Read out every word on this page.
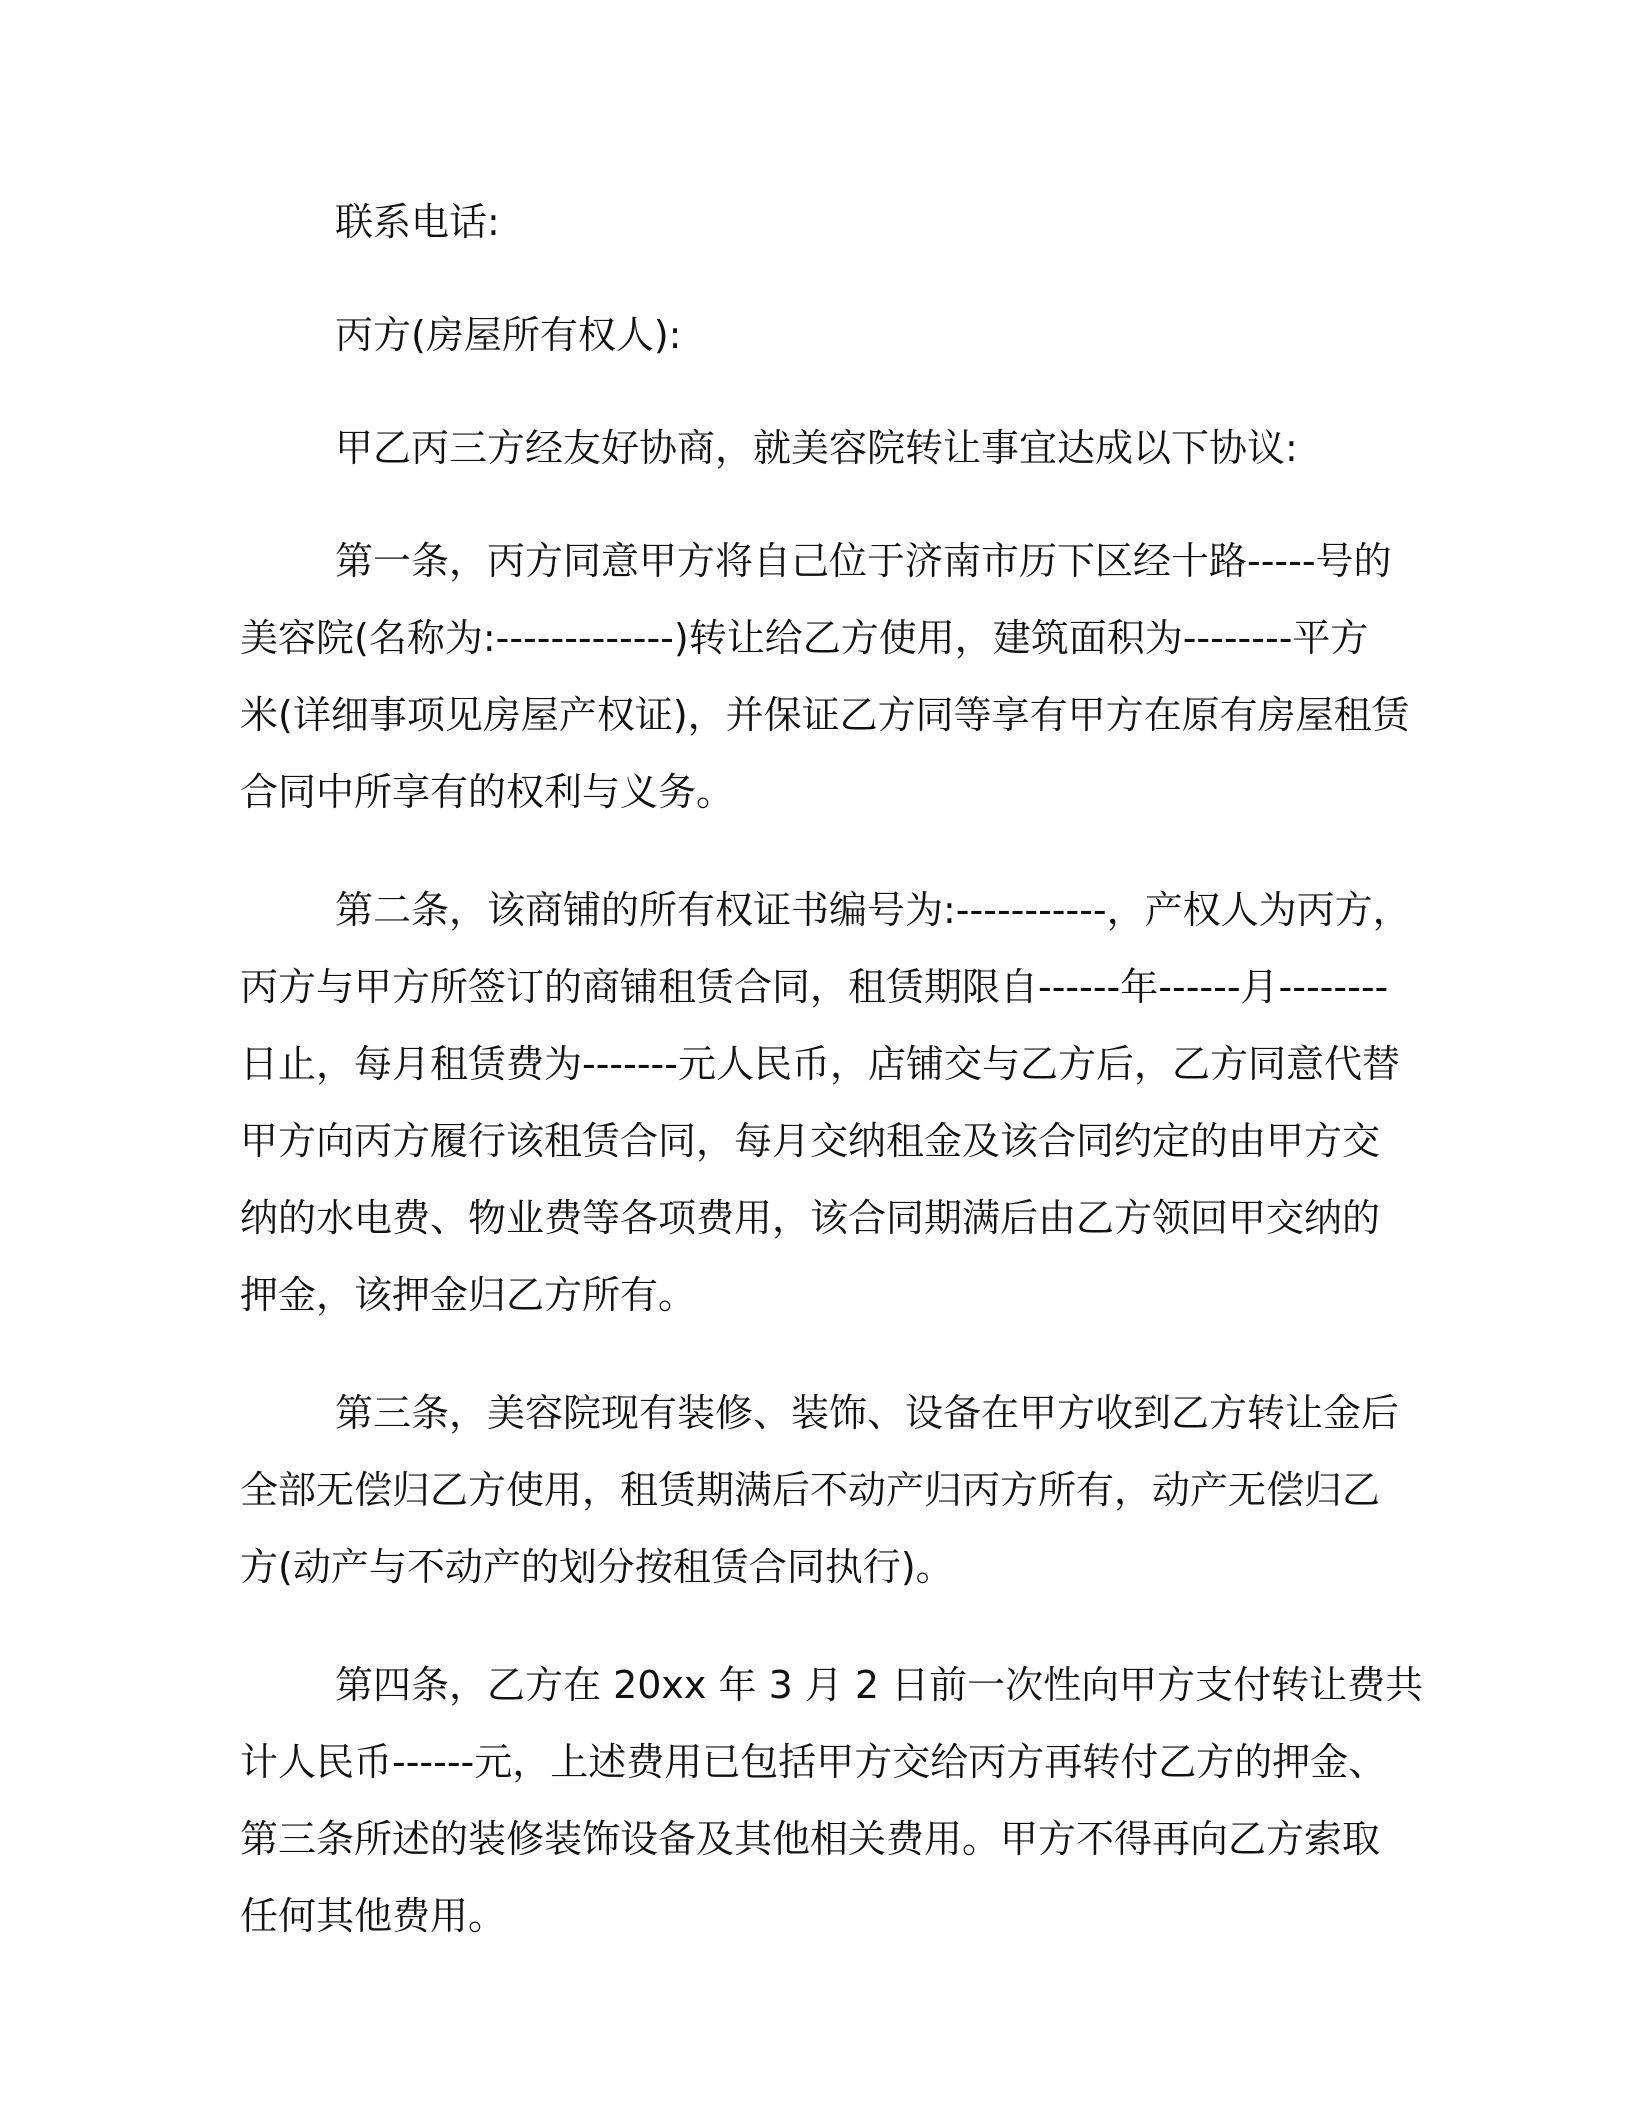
联系电话:

丙方(房屋所有权人):

甲乙丙三方经友好协商，就美容院转让事宜达成以下协议:

第一条，丙方同意甲方将自己位于济南市历下区经十路-----号的

美容院(名称为:-------------)转让给乙方使用，建筑面积为--------平方

米(详细事项见房屋产权证)，并保证乙方同等享有甲方在原有房屋租赁

合同中所享有的权利与义务。

第二条，该商铺的所有权证书编号为:-----------，产权人为丙方，

丙方与甲方所签订的商铺租赁合同，租赁期限自------年------月--------

日止，每月租赁费为-------元人民币，店铺交与乙方后，乙方同意代替

甲方向丙方履行该租赁合同，每月交纳租金及该合同约定的由甲方交

纳的水电费、物业费等各项费用，该合同期满后由乙方领回甲交纳的

押金，该押金归乙方所有。

第三条，美容院现有装修、装饰、设备在甲方收到乙方转让金后

全部无偿归乙方使用，租赁期满后不动产归丙方所有，动产无偿归乙

方(动产与不动产的划分按租赁合同执行)。

第四条，乙方在 20xx 年 3 月 2 日前一次性向甲方支付转让费共

计人民币------元，上述费用已包括甲方交给丙方再转付乙方的押金、

第三条所述的装修装饰设备及其他相关费用。甲方不得再向乙方索取

任何其他费用。
